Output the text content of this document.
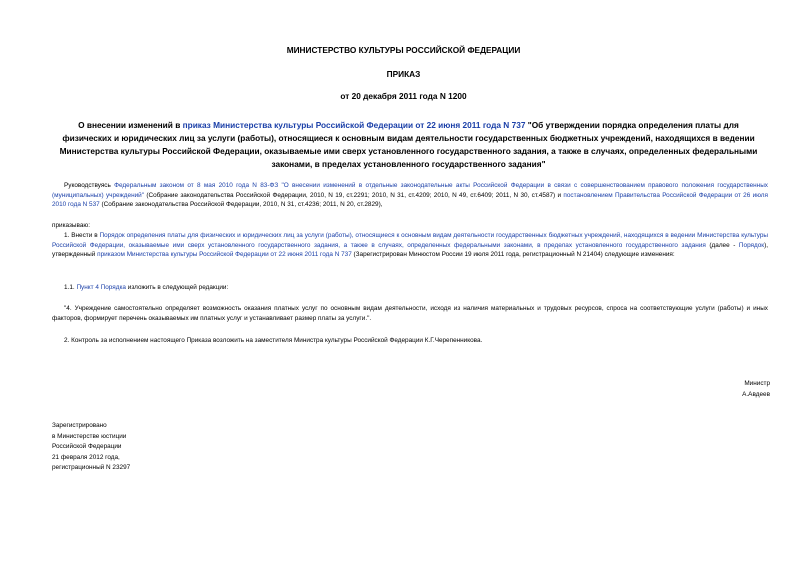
МИНИСТЕРСТВО КУЛЬТУРЫ РОССИЙСКОЙ ФЕДЕРАЦИИ
ПРИКАЗ
от 20 декабря 2011 года N 1200
О внесении изменений в приказ Министерства культуры Российской Федерации от 22 июня 2011 года N 737 "Об утверждении порядка определения платы для физических и юридических лиц за услуги (работы), относящиеся к основным видам деятельности государственных бюджетных учреждений, находящихся в ведении Министерства культуры Российской Федерации, оказываемые ими сверх установленного государственного задания, а также в случаях, определенных федеральными законами, в пределах установленного государственного задания"
Руководствуясь Федеральным законом от 8 мая 2010 года N 83-ФЗ "О внесении изменений в отдельные законодательные акты Российской Федерации в связи с совершенствованием правового положения государственных (муниципальных) учреждений" (Собрание законодательства Российской Федерации, 2010, N 19, ст.2291; 2010, N 31, ст.4209; 2010, N 49, ст.6409; 2011, N 30, ст.4587) и постановлением Правительства Российской Федерации от 26 июля 2010 года N 537 (Собрание законодательства Российской Федерации, 2010, N 31, ст.4236; 2011, N 20, ст.2829),
приказываю:
1. Внести в Порядок определения платы для физических и юридических лиц за услуги (работы), относящиеся к основным видам деятельности государственных бюджетных учреждений, находящихся в ведении Министерства культуры Российской Федерации, оказываемые ими сверх установленного государственного задания, а также в случаях, определенных федеральными законами, в пределах установленного государственного задания (далее - Порядок), утвержденный приказом Министерства культуры Российской Федерации от 22 июня 2011 года N 737 (Зарегистрирован Минюстом России 19 июля 2011 года, регистрационный N 21404) следующие изменения:
1.1. Пункт 4 Порядка изложить в следующей редакции:
"4. Учреждение самостоятельно определяет возможность оказания платных услуг по основным видам деятельности, исходя из наличия материальных и трудовых ресурсов, спроса на соответствующие услуги (работы) и иных факторов, формирует перечень оказываемых им платных услуг и устанавливает размер платы за услуги.".
2. Контроль за исполнением настоящего Приказа возложить на заместителя Министра культуры Российской Федерации К.Г.Черепенникова.
Министр
А.Авдеев
Зарегистрировано
в Министерстве юстиции
Российской Федерации
21 февраля 2012 года,
регистрационный N 23297
